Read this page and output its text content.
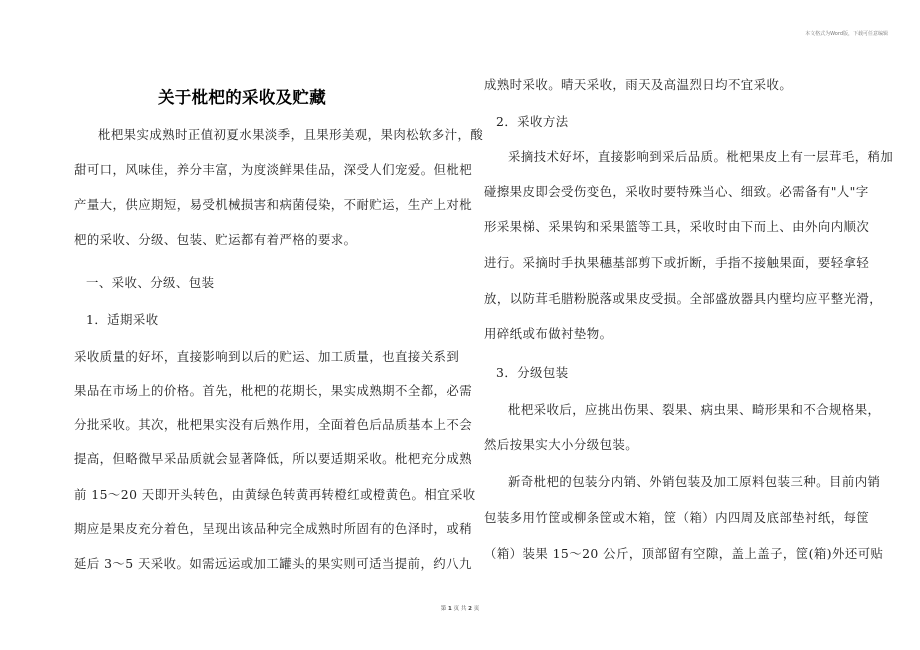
本文格式为Word版，下载可任意编辑
关于枇杷的采收及贮藏
枇杷果实成熟时正值初夏水果淡季，且果形美观，果肉松软多汁，酸
甜可口，风味佳，养分丰富，为度淡鲜果佳品，深受人们宠爱。但枇杷
产量大，供应期短，易受机械损害和病菌侵染，不耐贮运，生产上对枇
杷的采收、分级、包装、贮运都有着严格的要求。
一、采收、分级、包装
1．适期采收
采收质量的好坏，直接影响到以后的贮运、加工质量，也直接关系到
果品在市场上的价格。首先，枇杷的花期长，果实成熟期不全都，必需
分批采收。其次，枇杷果实没有后熟作用，全面着色后品质基本上不会
提高，但略微早采品质就会显著降低，所以要适期采收。枇杷充分成熟
前 15～20 天即开头转色，由黄绿色转黄再转橙红或橙黄色。相宜采收
期应是果皮充分着色，呈现出该品种完全成熟时所固有的色泽时，或稍
延后 3～5 天采收。如需远运或加工罐头的果实则可适当提前，约八九
成熟时采收。晴天采收，雨天及高温烈日均不宜采收。
2．采收方法
采摘技术好坏，直接影响到采后品质。枇杷果皮上有一层茸毛，稍加
碰擦果皮即会受伤变色，采收时要特殊当心、细致。必需备有"人"字
形采果梯、采果钩和采果篮等工具，采收时由下而上、由外向内顺次
进行。采摘时手执果穗基部剪下或折断，手指不接触果面，要轻拿轻
放，以防茸毛腊粉脱落或果皮受损。全部盛放器具内壁均应平整光滑，
用碎纸或布做衬垫物。
3．分级包装
枇杷采收后，应挑出伤果、裂果、病虫果、畸形果和不合规格果，
然后按果实大小分级包装。
新奇枇杷的包装分内销、外销包装及加工原料包装三种。目前内销
包装多用竹筐或柳条筐或木箱，筐（箱）内四周及底部垫衬纸，每筐
（箱）装果 15～20 公斤，顶部留有空隙，盖上盖子，筐(箱)外还可贴
第 1 页 共 2 页
